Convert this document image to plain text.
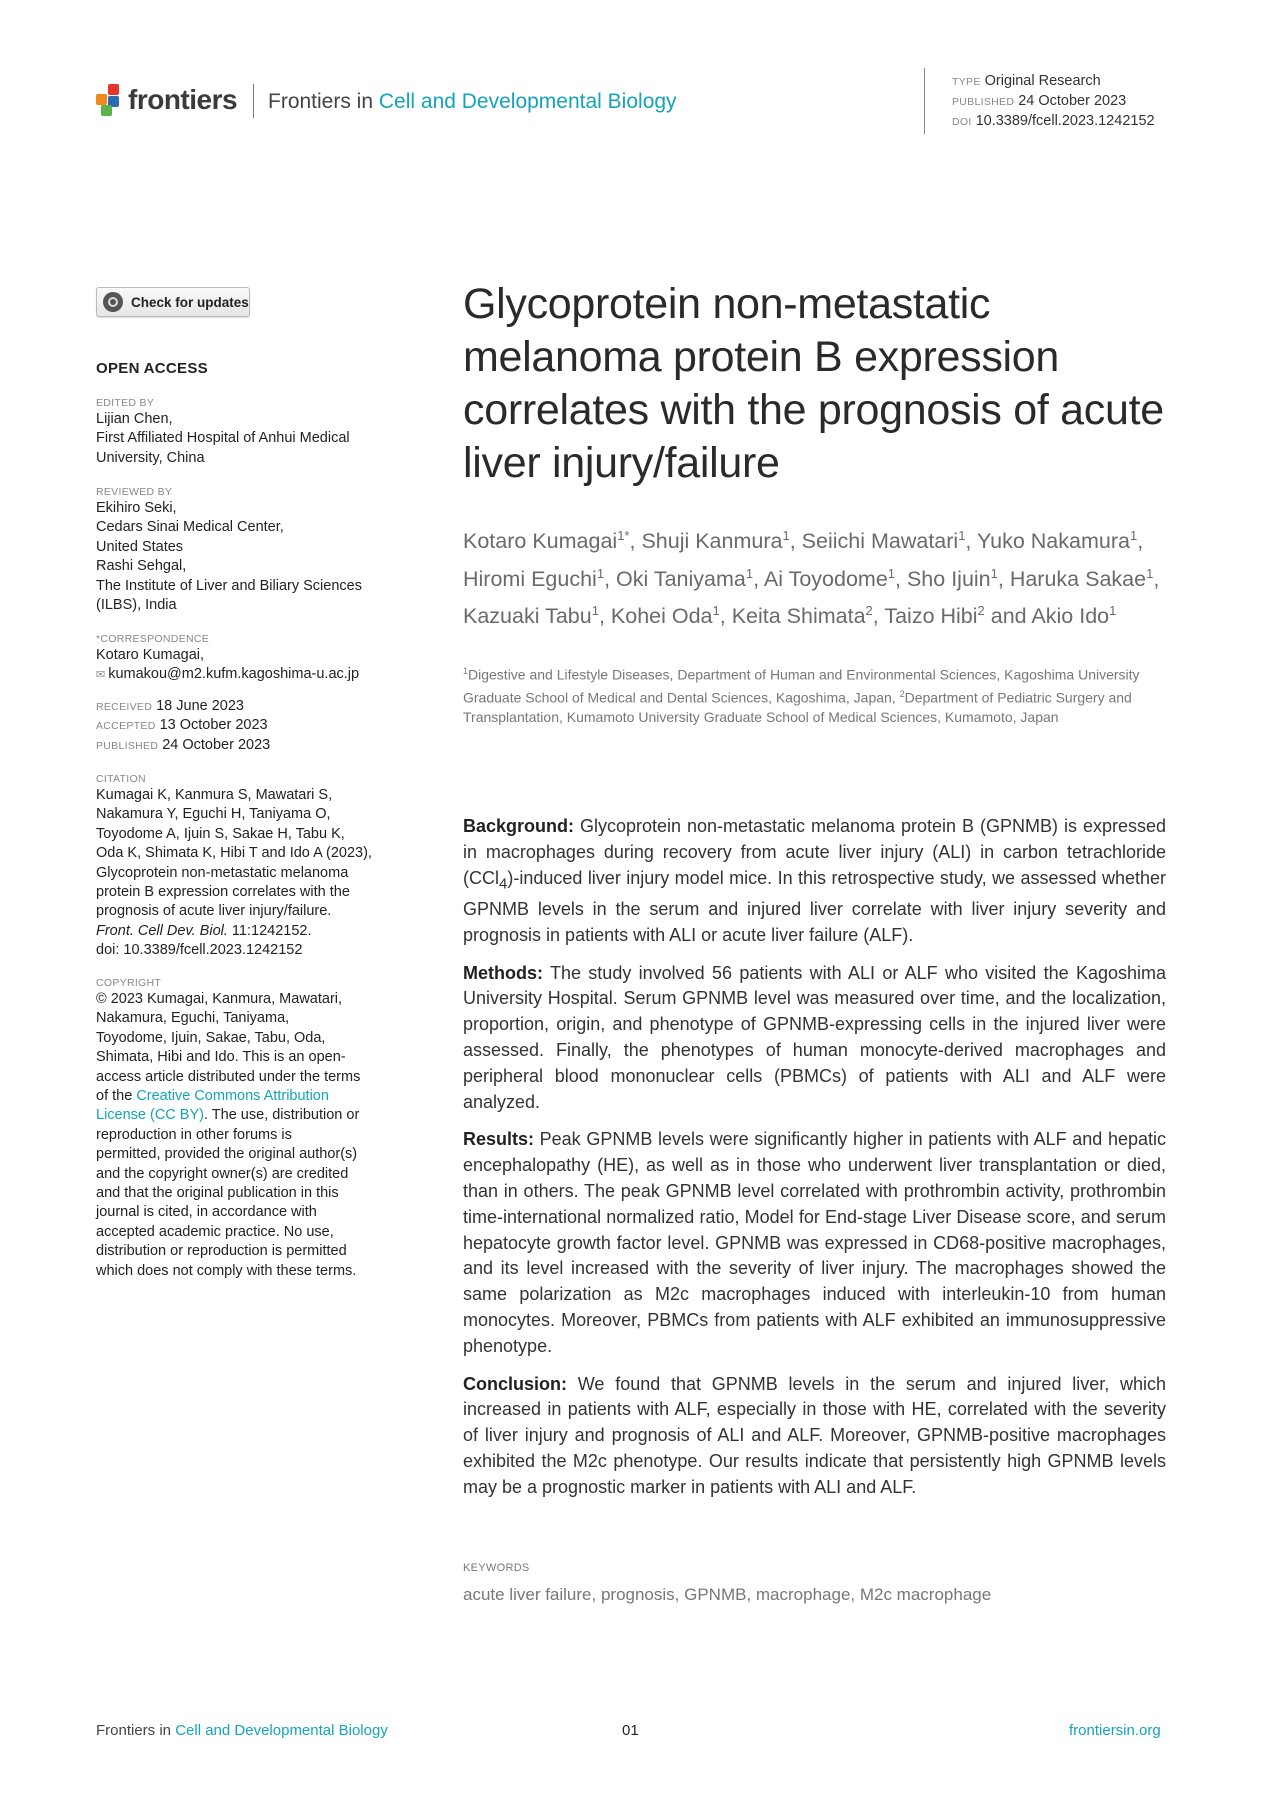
frontiers Frontiers in Cell and Developmental Biology
TYPE Original Research
PUBLISHED 24 October 2023
DOI 10.3389/fcell.2023.1242152
Check for updates
OPEN ACCESS
EDITED BY
Lijian Chen,
First Affiliated Hospital of Anhui Medical
University, China
REVIEWED BY
Ekihiro Seki,
Cedars Sinai Medical Center,
United States
Rashi Sehgal,
The Institute of Liver and Biliary Sciences
(ILBS), India
*CORRESPONDENCE
Kotaro Kumagai,
✉ kumakou@m2.kufm.kagoshima-u.ac.jp
RECEIVED 18 June 2023
ACCEPTED 13 October 2023
PUBLISHED 24 October 2023
CITATION
Kumagai K, Kanmura S, Mawatari S,
Nakamura Y, Eguchi H, Taniyama O,
Toyodome A, Ijuin S, Sakae H, Tabu K,
Oda K, Shimata K, Hibi T and Ido A (2023),
Glycoprotein non-metastatic melanoma
protein B expression correlates with the
prognosis of acute liver injury/failure.
Front. Cell Dev. Biol. 11:1242152.
doi: 10.3389/fcell.2023.1242152
COPYRIGHT
© 2023 Kumagai, Kanmura, Mawatari,
Nakamura, Eguchi, Taniyama,
Toyodome, Ijuin, Sakae, Tabu, Oda,
Shimata, Hibi and Ido. This is an open-
access article distributed under the terms
of the Creative Commons Attribution
License (CC BY). The use, distribution or
reproduction in other forums is
permitted, provided the original author(s)
and the copyright owner(s) are credited
and that the original publication in this
journal is cited, in accordance with
accepted academic practice. No use,
distribution or reproduction is permitted
which does not comply with these terms.
Glycoprotein non-metastatic melanoma protein B expression correlates with the prognosis of acute liver injury/failure
Kotaro Kumagai$^{1*}$, Shuji Kanmura$^1$, Seiichi Mawatari$^1$, Yuko Nakamura$^1$, Hiromi Eguchi$^1$, Oki Taniyama$^1$, Ai Toyodome$^1$, Sho Ijuin$^1$, Haruka Sakae$^1$, Kazuaki Tabu$^1$, Kohei Oda$^1$, Keita Shimata$^2$, Taizo Hibi$^2$ and Akio Ido$^1$
$^1$Digestive and Lifestyle Diseases, Department of Human and Environmental Sciences, Kagoshima University Graduate School of Medical and Dental Sciences, Kagoshima, Japan, $^2$Department of Pediatric Surgery and Transplantation, Kumamoto University Graduate School of Medical Sciences, Kumamoto, Japan

Background: Glycoprotein non-metastatic melanoma protein B (GPNMB) is expressed in macrophages during recovery from acute liver injury (ALI) in carbon tetrachloride (CCl$_4$)-induced liver injury model mice. In this retrospective study, we assessed whether GPNMB levels in the serum and injured liver correlate with liver injury severity and prognosis in patients with ALI or acute liver failure (ALF).

Methods: The study involved 56 patients with ALI or ALF who visited the Kagoshima University Hospital. Serum GPNMB level was measured over time, and the localization, proportion, origin, and phenotype of GPNMB-expressing cells in the injured liver were assessed. Finally, the phenotypes of human monocyte-derived macrophages and peripheral blood mononuclear cells (PBMCs) of patients with ALI and ALF were analyzed.

Results: Peak GPNMB levels were significantly higher in patients with ALF and hepatic encephalopathy (HE), as well as in those who underwent liver transplantation or died, than in others. The peak GPNMB level correlated with prothrombin activity, prothrombin time-international normalized ratio, Model for End-stage Liver Disease score, and serum hepatocyte growth factor level. GPNMB was expressed in CD68-positive macrophages, and its level increased with the severity of liver injury. The macrophages showed the same polarization as M2c macrophages induced with interleukin-10 from human monocytes. Moreover, PBMCs from patients with ALF exhibited an immunosuppressive phenotype.

Conclusion: We found that GPNMB levels in the serum and injured liver, which increased in patients with ALF, especially in those with HE, correlated with the severity of liver injury and prognosis of ALI and ALF. Moreover, GPNMB-positive macrophages exhibited the M2c phenotype. Our results indicate that persistently high GPNMB levels may be a prognostic marker in patients with ALI and ALF.

KEYWORDS
acute liver failure, prognosis, GPNMB, macrophage, M2c macrophage
Frontiers in Cell and Developmental Biology	01	frontiersin.org
